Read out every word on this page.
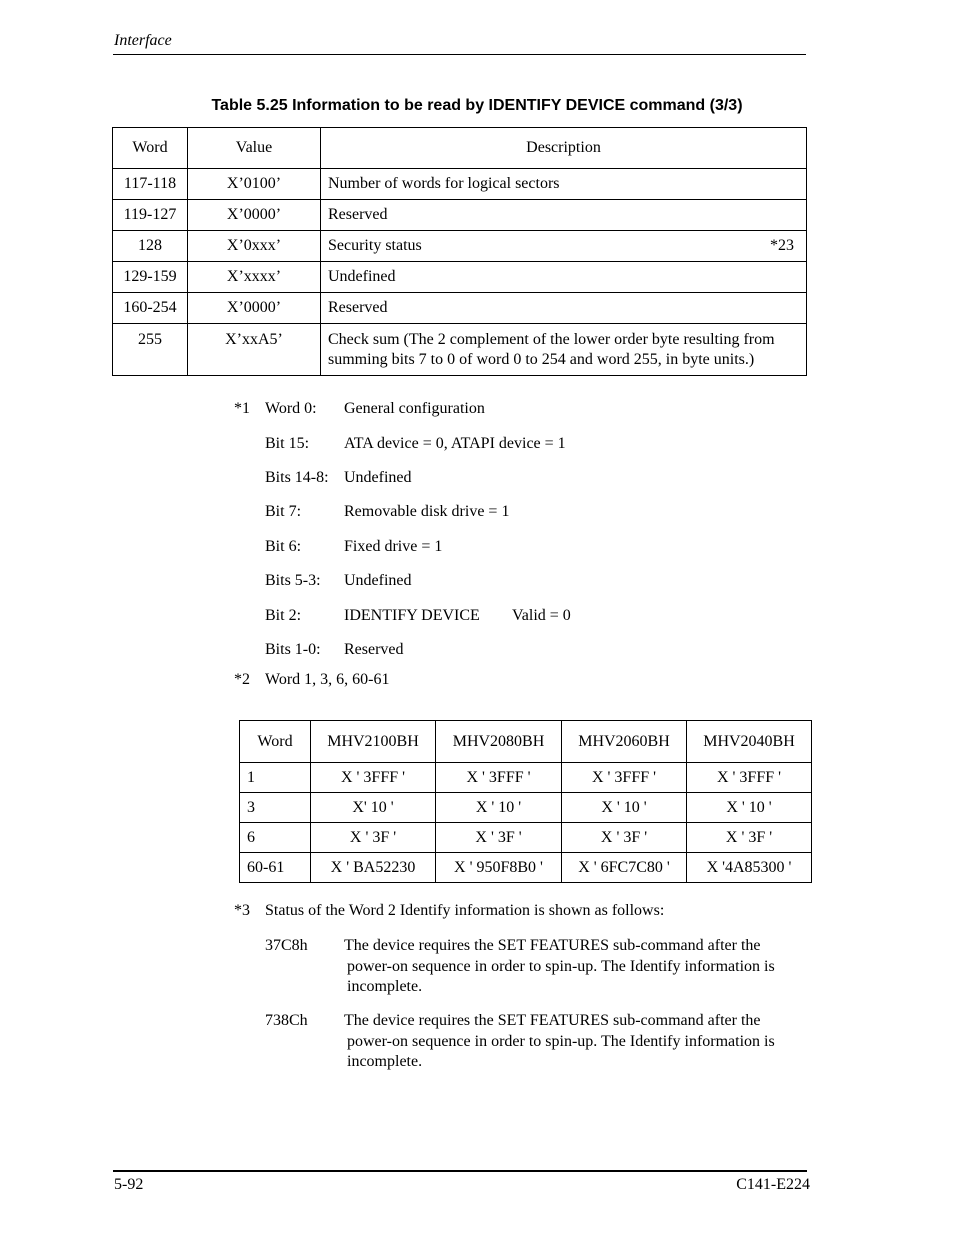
Interface
Table 5.25 Information to be read by IDENTIFY DEVICE command (3/3)
Word	Value	Description
117-118	Xʼ0100ʼ	Number of words for logical sectors
119-127	Xʼ0000ʼ	Reserved
128	X’0xxx’	Security status *23

129-159	X’xxxx’	Undefined
160-254	X’0000’	Reserved
255	X’xxA5’	Check sum (The 2 complement of the lower order byte resulting from summing bits 7 to 0 of word 0 to 254 and word 255, in byte units.)
*1 Word 0: General configuration
Bit 15: ATA device = 0, ATAPI device = 1
Bits 14-8: Undefined
Bit 7:	Removable disk drive = 1
Bit 6:	Fixed drive = 1
Bits 5-3: Undefined
Bit 2:	IDENTIFY DEVICE Valid = 0
Bits 1-0: Reserved
*2 Word 1, 3, 6, 60-61
Word	MHV2100BH	MHV2080BH	MHV2060BH	MHV2040BH
1	X ' 3FFF '	X ' 3FFF '	X ' 3FFF '	X ' 3FFF '
3	X' 10 '	X ' 10 '	X ' 10 '	X ' 10 '
6	X ' 3F '	X ' 3F '	X ' 3F '	X ' 3F '
60-61	X ' BA52230	X ' 950F8B0 '	X ' 6FC7C80 '	X '4A85300 '
*3 Status of the Word 2 Identify information is shown as follows:
37C8h The device requires the SET FEATURES sub-command after the
power-on sequence in order to spin-up. The Identify information is incomplete.
738Ch The device requires the SET FEATURES sub-command after the
power-on sequence in order to spin-up. The Identify information is incomplete.
5-92	C141-E224
